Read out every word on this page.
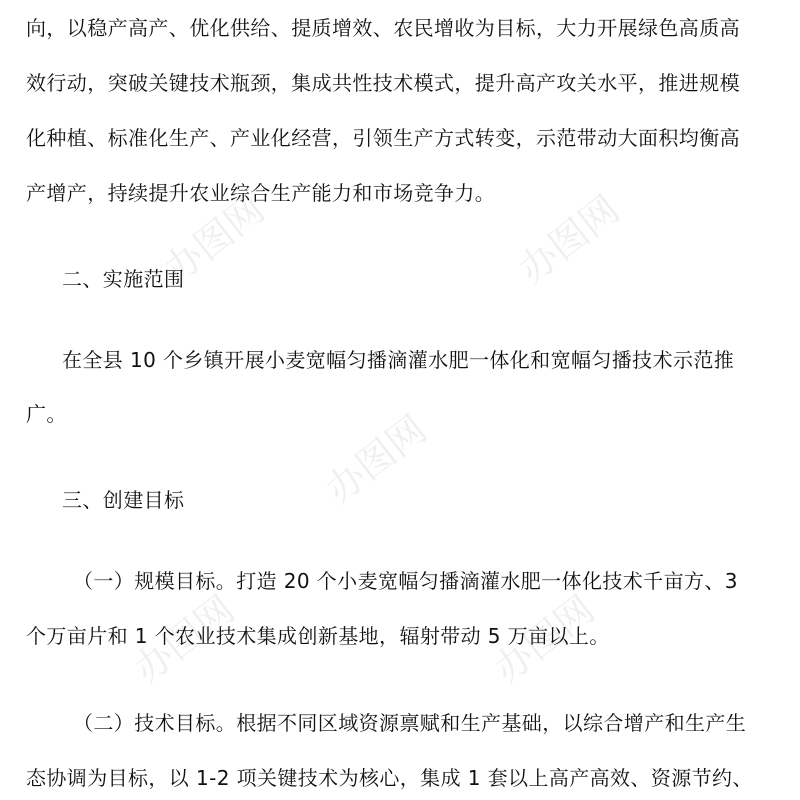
办图网	办图网
办图网
办图网
办图网
向，以稳产高产、优化供给、提质增效、农民增收为目标，大力开展绿色高质高
效行动，突破关键技术瓶颈，集成共性技术模式，提升高产攻关水平，推进规模
化种植、标准化生产、产业化经营，引领生产方式转变，示范带动大面积均衡高
产增产，持续提升农业综合生产能力和市场竞争力。
二、实施范围
在全县 10 个乡镇开展小麦宽幅匀播滴灌水肥一体化和宽幅匀播技术示范推
广。
三、创建目标
（一）规模目标。打造 20 个小麦宽幅匀播滴灌水肥一体化技术千亩方、3
个万亩片和 1 个农业技术集成创新基地，辐射带动 5 万亩以上。
（二）技术目标。根据不同区域资源禀赋和生产基础，以综合增产和生产生
态协调为目标，以 1-2 项关键技术为核心，集成 1 套以上高产高效、资源节约、
